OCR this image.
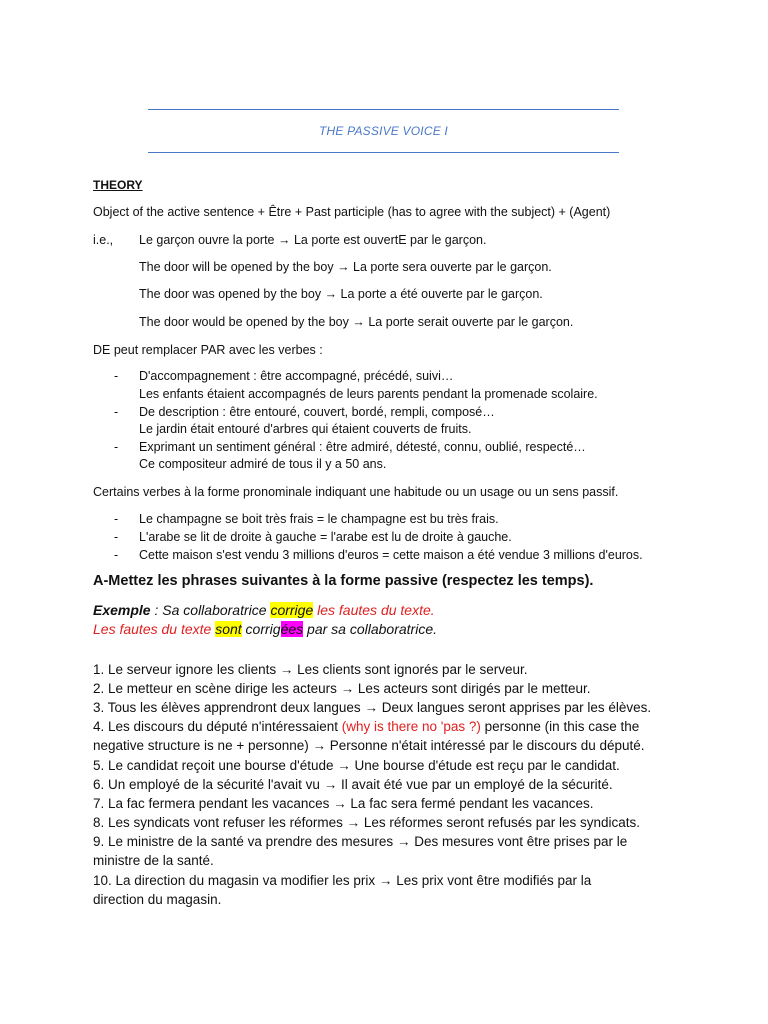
THE PASSIVE VOICE I
THEORY
Object of the active sentence + Être + Past participle (has to agree with the subject) + (Agent)
i.e., Le garçon ouvre la porte → La porte est ouvertE par le garçon.
The door will be opened by the boy → La porte sera ouverte par le garçon.
The door was opened by the boy → La porte a été ouverte par le garçon.
The door would be opened by the boy → La porte serait ouverte par le garçon.
DE peut remplacer PAR avec les verbes :
- D'accompagnement : être accompagné, précédé, suivi…
Les enfants étaient accompagnés de leurs parents pendant la promenade scolaire.
- De description : être entouré, couvert, bordé, rempli, composé…
Le jardin était entouré d'arbres qui étaient couverts de fruits.
- Exprimant un sentiment général : être admiré, détesté, connu, oublié, respecté…
Ce compositeur admiré de tous il y a 50 ans.
Certains verbes à la forme pronominale indiquant une habitude ou un usage ou un sens passif.
- Le champagne se boit très frais = le champagne est bu très frais.
- L'arabe se lit de droite à gauche = l'arabe est lu de droite à gauche.
- Cette maison s'est vendu 3 millions d'euros = cette maison a été vendue 3 millions d'euros.
A-Mettez les phrases suivantes à la forme passive (respectez les temps).
Exemple : Sa collaboratrice corrige les fautes du texte.
Les fautes du texte sont corrigées par sa collaboratrice.
1. Le serveur ignore les clients → Les clients sont ignorés par le serveur.
2. Le metteur en scène dirige les acteurs → Les acteurs sont dirigés par le metteur.
3. Tous les élèves apprendront deux langues → Deux langues seront apprises par les élèves.
4. Les discours du député n'intéressaient (why is there no 'pas ?) personne (in this case the
negative structure is ne + personne) → Personne n'était intéressé par le discours du député.
5. Le candidat reçoit une bourse d'étude → Une bourse d'étude est reçu par le candidat.
6. Un employé de la sécurité l'avait vu → Il avait été vue par un employé de la sécurité.
7. La fac fermera pendant les vacances → La fac sera fermé pendant les vacances.
8. Les syndicats vont refuser les réformes → Les réformes seront refusés par les syndicats.
9. Le ministre de la santé va prendre des mesures → Des mesures vont être prises par le
ministre de la santé.
10. La direction du magasin va modifier les prix → Les prix vont être modifiés par la
direction du magasin.
